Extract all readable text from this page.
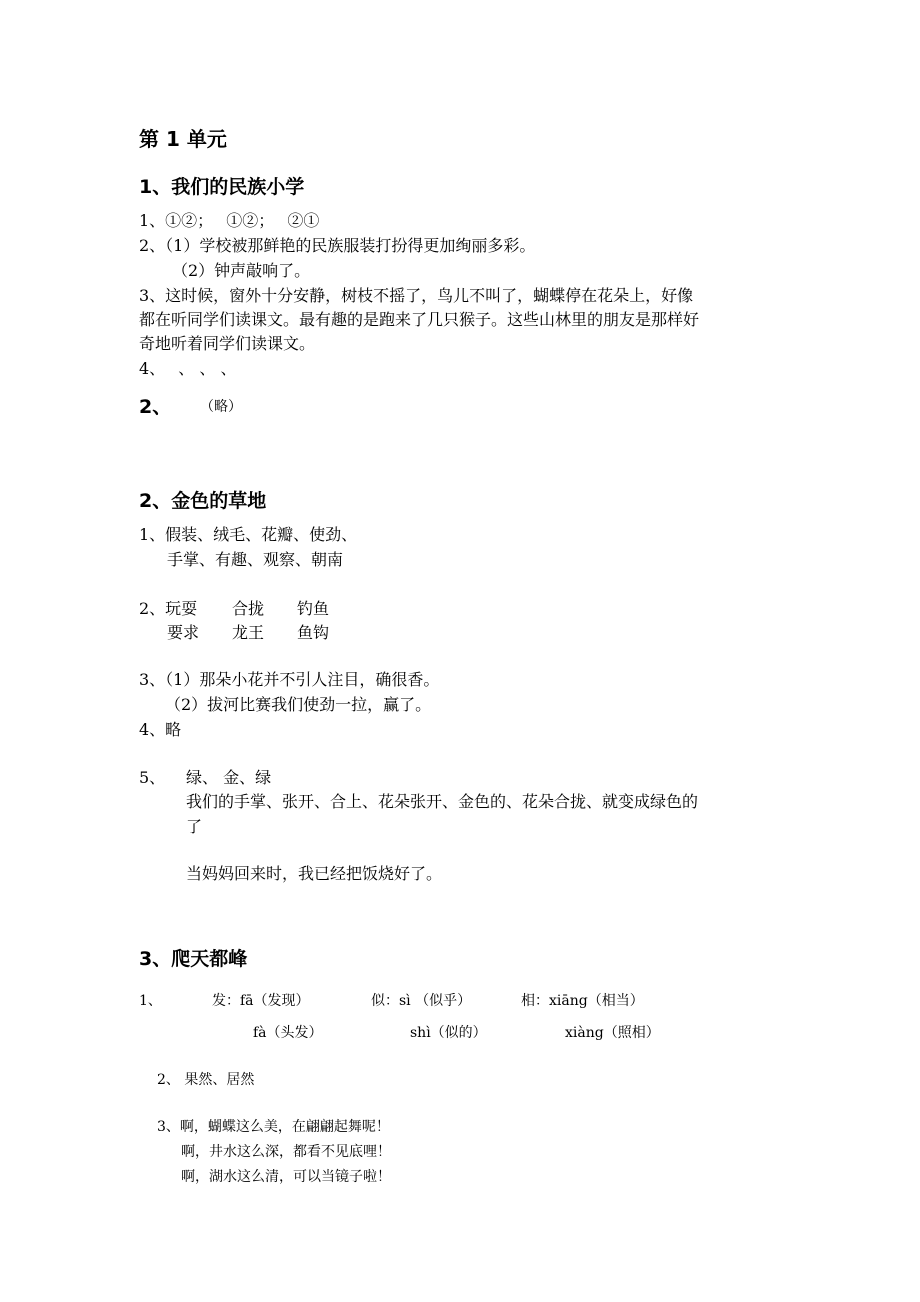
第 1 单元
1、我们的民族小学
1、①②；　 ①②；　 ②①
2、（1）学校被那鲜艳的民族服装打扮得更加绚丽多彩。
（2）钟声敲响了。
3、这时候，窗外十分安静，树枝不摇了，鸟儿不叫了，蝴蝶停在花朵上，好像
都在听同学们读课文。最有趣的是跑来了几只猴子。这些山林里的朋友是那样好
奇地听着同学们读课文。
4、　 、 、 、
2、 （略）
2、金色的草地
1、假装、绒毛、花瓣、使劲、
手掌、有趣、观察、朝南
2、玩耍 合拢 钓鱼
要求 龙王 鱼钩
3、（1）那朵小花并不引人注目，确很香。
（2）拔河比赛我们使劲一拉，赢了。
4、略
5、 绿、 金、绿
我们的手掌、张开、合上、花朵张开、金色的、花朵合拢、就变成绿色的
了
当妈妈回来时，我已经把饭烧好了。
3、爬天都峰
1、	发：fā（发现）	似：sì （似乎）	相：xiāng（相当）
fà（头发）	shì（似的）	xiàng（照相）
2、 果然、居然
3、啊，蝴蝶这么美，在翩翩起舞呢！
啊，井水这么深，都看不见底哩！
啊，湖水这么清，可以当镜子啦！
